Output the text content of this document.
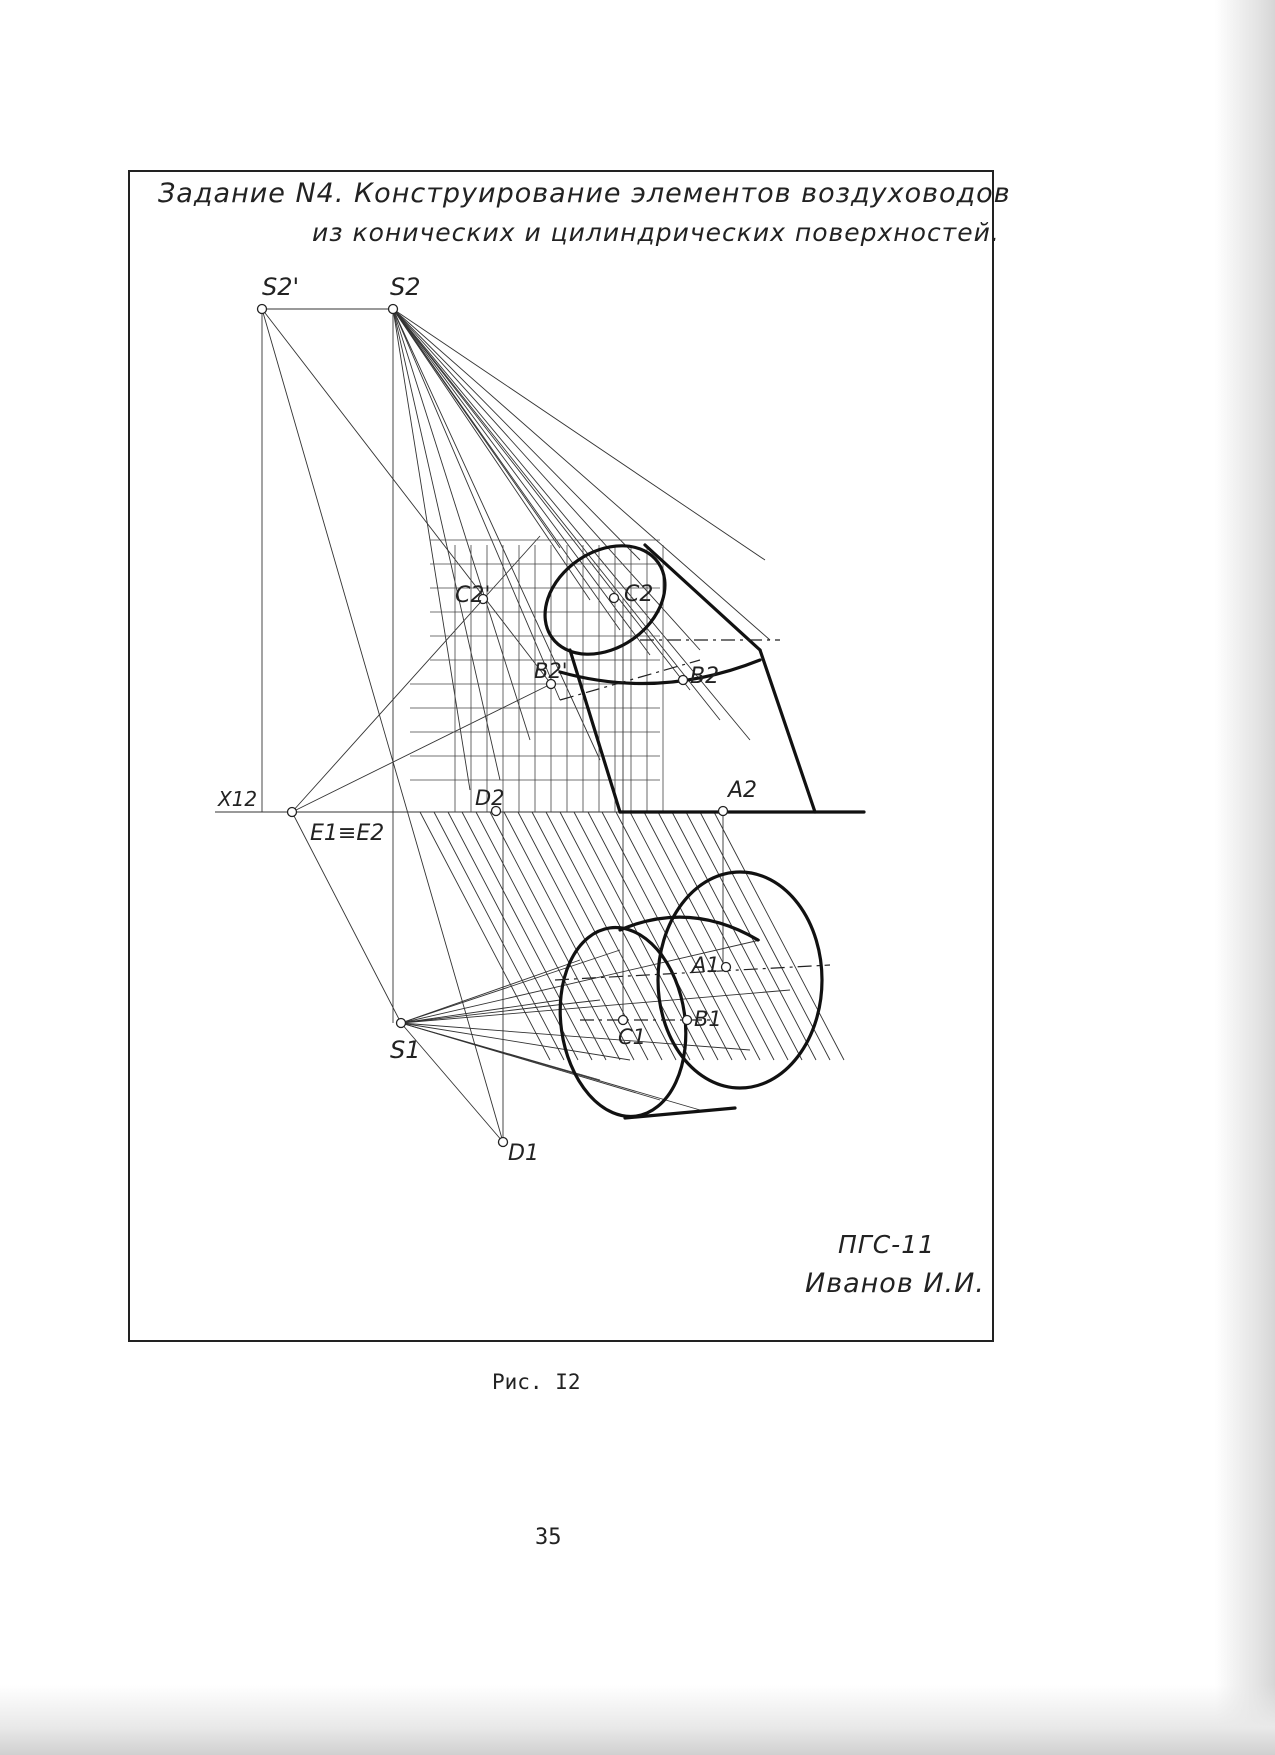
Задание N4. Конструирование элементов воздуховодов
из конических и цилиндрических поверхностей.
S2'	S2
C2'	C2
B2'	B2
X12
E1≡E2
D2	A2
A1
B1
C1
S1
D1
ПГС-11
Иванов И.И.
Рис. I2
35
